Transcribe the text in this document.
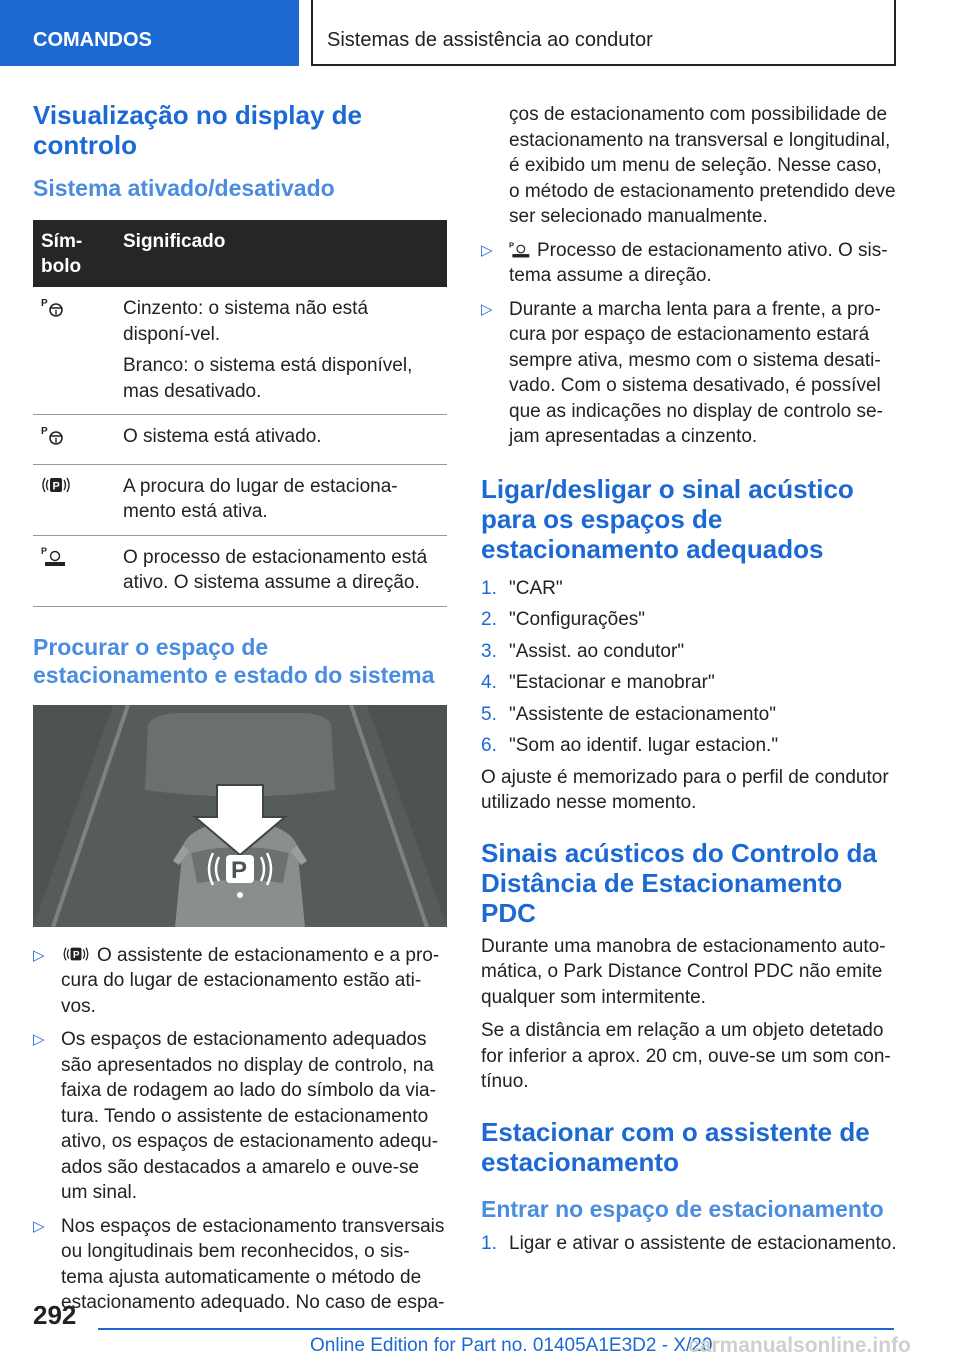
COMANDOS	Sistemas de assistência ao condutor
Visualização no display de controlo
Sistema ativado/desativado
Sím-bolo	Significado

P	Cinzento: o sistema não está disponí-vel.

Branco: o sistema está disponível, mas desativado.

P	O sistema está ativado.

P	A procura do lugar de estaciona-mento está ativa.

P	O processo de estacionamento está ativo. O sistema assume a direção.

Procurar o espaço de estacionamento e estado do sistema
P
▷	P O assistente de estacionamento e a pro-cura do lugar de estacionamento estão ati-vos.
▷ Os espaços de estacionamento adequados são apresentados no display de controlo, na faixa de rodagem ao lado do símbolo da via-tura. Tendo o assistente de estacionamento ativo, os espaços de estacionamento adequ-ados são destacados a amarelo e ouve-se um sinal.
▷ Nos espaços de estacionamento transversais ou longitudinais bem reconhecidos, o sis-tema ajusta automaticamente o método de estacionamento adequado. No caso de espa-

ços de estacionamento com possibilidade de estacionamento na transversal e longitudinal, é exibido um menu de seleção. Nesse caso, o método de estacionamento pretendido deve ser selecionado manualmente.

▷ P Processo de estacionamento ativo. O sis-tema assume a direção.
▷ Durante a marcha lenta para a frente, a pro-cura por espaço de estacionamento estará sempre ativa, mesmo com o sistema desati-vado. Com o sistema desativado, é possível que as indicações no display de controlo se-jam apresentadas a cinzento.
Ligar/desligar o sinal acústico para os espaços de estacionamento adequados
1. "CAR"
2. "Configurações"
3. "Assist. ao condutor"
4. "Estacionar e manobrar"
5. "Assistente de estacionamento"
6. "Som ao identif. lugar estacion."

O ajuste é memorizado para o perfil de condutor utilizado nesse momento.

Sinais acústicos do Controlo da Distância de Estacionamento PDC

Durante uma manobra de estacionamento auto-mática, o Park Distance Control PDC não emite qualquer som intermitente.

Se a distância em relação a um objeto detetado for inferior a aprox. 20 cm, ouve-se um som con-tínuo.

Estacionar com o assistente de estacionamento
Entrar no espaço de estacionamento
1. Ligar e ativar o assistente de estacionamento.
292
Online Edition for Part no. 01405A1E3D2 - X/20
carmanualsonline.info
